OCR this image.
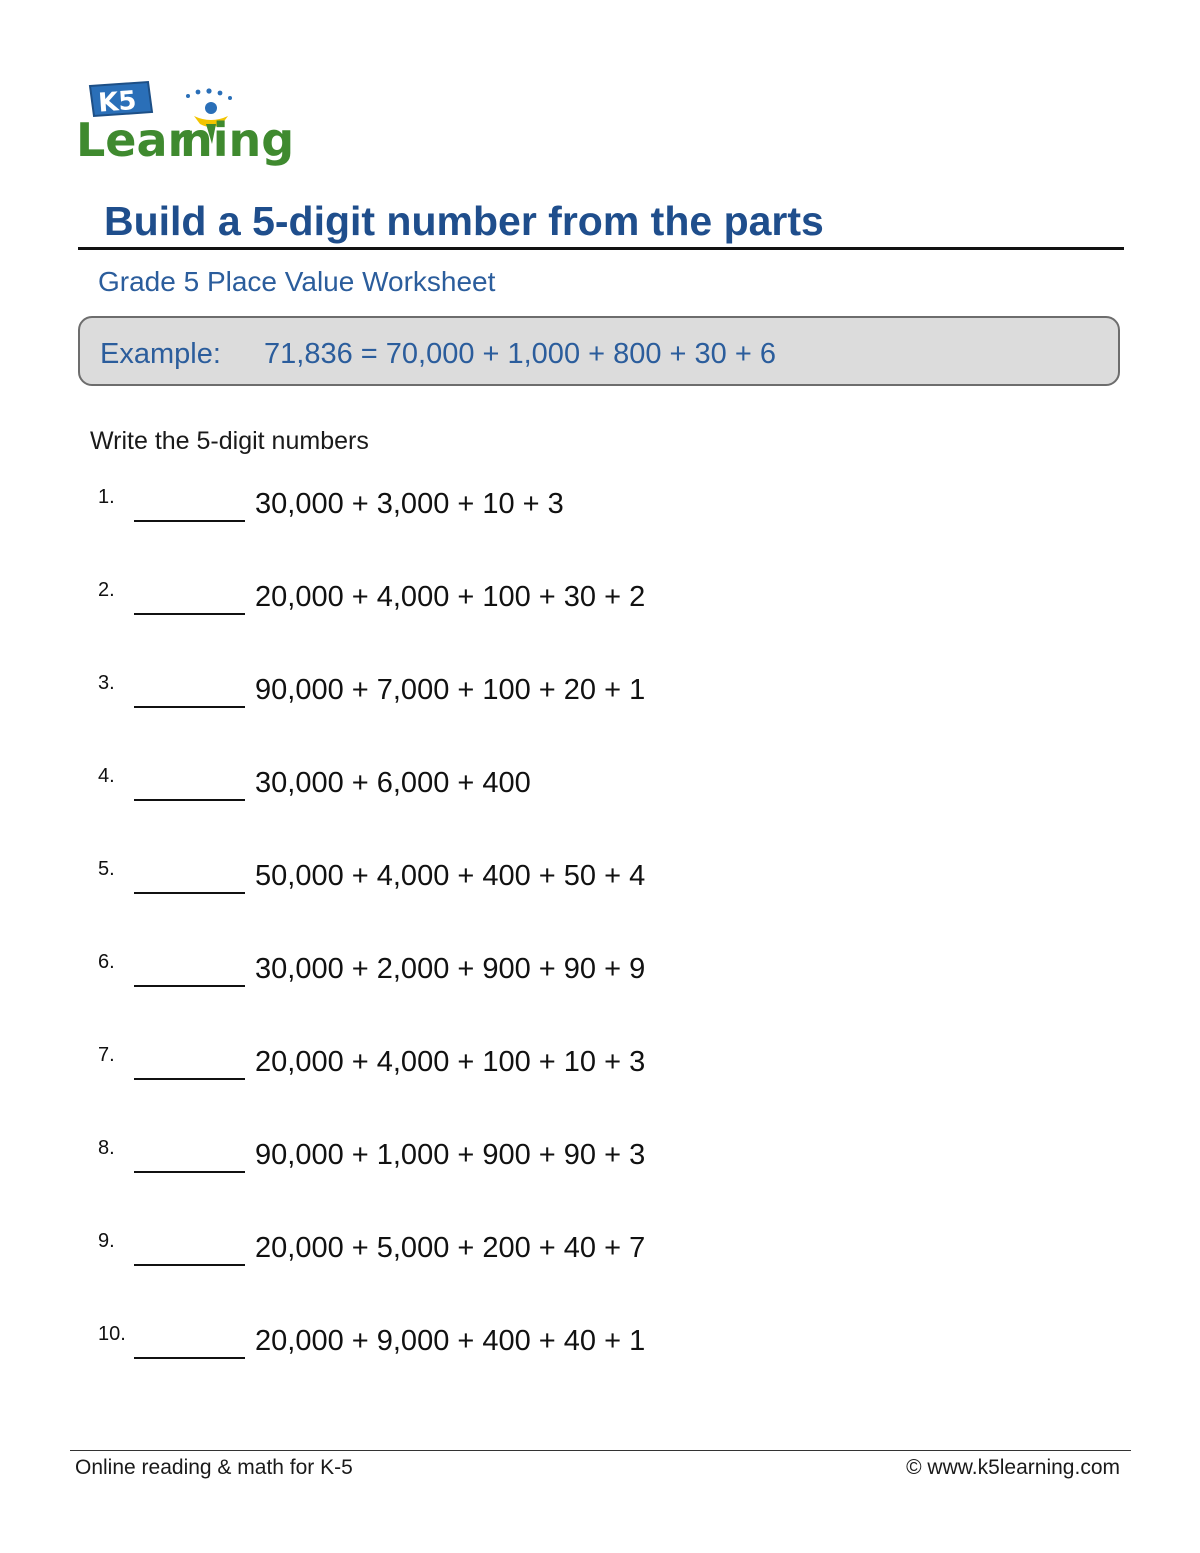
K5
Lear
ning
Build a 5-digit number from the parts
Grade 5 Place Value Worksheet
Example: 71,836 = 70,000 + 1,000 + 800 + 30 + 6
Write the 5-digit numbers
1.	30,000 + 3,000 + 10 + 3
2.	20,000 + 4,000 + 100 + 30 + 2
3.	90,000 + 7,000 + 100 + 20 + 1
4.	30,000 + 6,000 + 400
5.	50,000 + 4,000 + 400 + 50 + 4
6.	30,000 + 2,000 + 900 + 90 + 9
7.	20,000 + 4,000 + 100 + 10 + 3
8.	90,000 + 1,000 + 900 + 90 + 3
9.	20,000 + 5,000 + 200 + 40 + 7
10.	20,000 + 9,000 + 400 + 40 + 1
Online reading & math for K-5	© www.k5learning.com
